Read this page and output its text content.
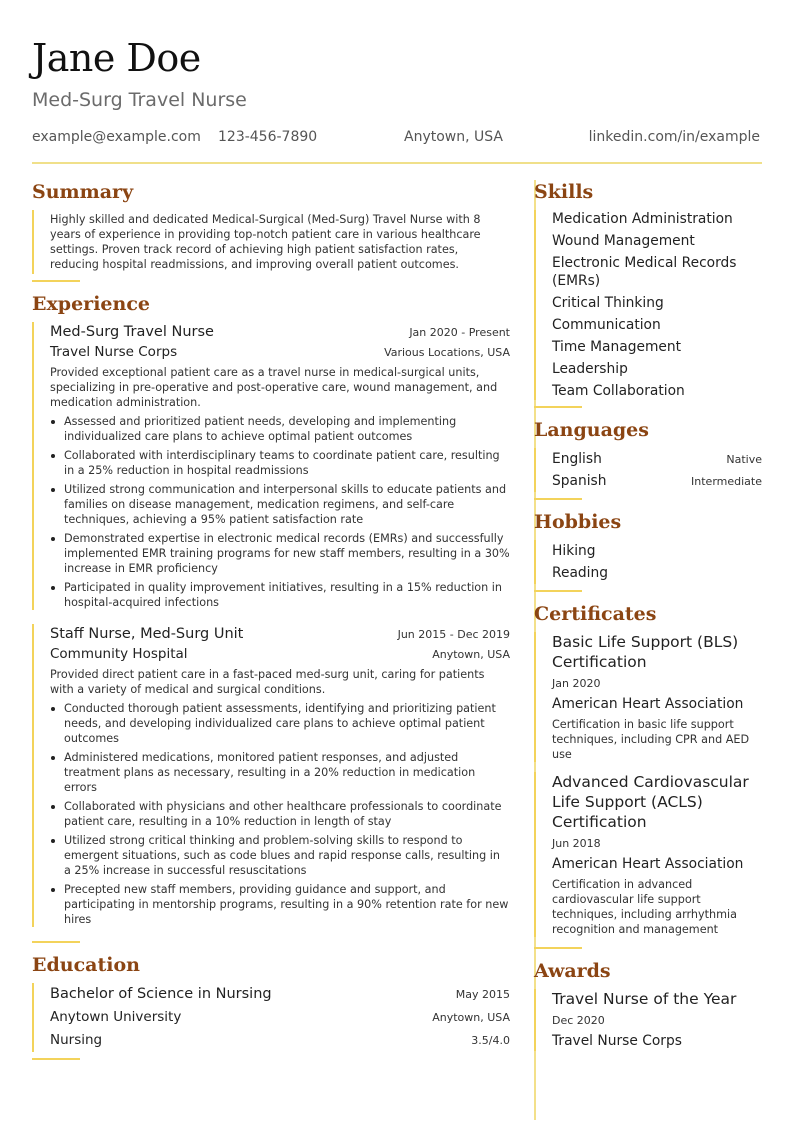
Jane Doe
Med-Surg Travel Nurse
example@example.com 123-456-7890	Anytown, USA	linkedin.com/in/example
Summary

Highly skilled and dedicated Medical-Surgical (Med-Surg) Travel Nurse with 8 years of experience in providing top-notch patient care in various healthcare settings. Proven track record of achieving high patient satisfaction rates, reducing hospital readmissions, and improving overall patient outcomes.

Experience
Med-Surg Travel Nurse	Jan 2020 - Present
Travel Nurse Corps	Various Locations, USA

Provided exceptional patient care as a travel nurse in medical-surgical units, specializing in pre-operative and post-operative care, wound management, and medication administration.

Assessed and prioritized patient needs, developing and implementing individualized care plans to achieve optimal patient outcomes
Collaborated with interdisciplinary teams to coordinate patient care, resulting in a 25% reduction in hospital readmissions
Utilized strong communication and interpersonal skills to educate patients and families on disease management, medication regimens, and self-care techniques, achieving a 95% patient satisfaction rate
Demonstrated expertise in electronic medical records (EMRs) and successfully implemented EMR training programs for new staff members, resulting in a 30% increase in EMR proficiency
Participated in quality improvement initiatives, resulting in a 15% reduction in hospital-acquired infections
Staff Nurse, Med-Surg Unit	Jun 2015 - Dec 2019
Community Hospital	Anytown, USA

Provided direct patient care in a fast-paced med-surg unit, caring for patients with a variety of medical and surgical conditions.

Conducted thorough patient assessments, identifying and prioritizing patient needs, and developing individualized care plans to achieve optimal patient outcomes
Administered medications, monitored patient responses, and adjusted treatment plans as necessary, resulting in a 20% reduction in medication errors
Collaborated with physicians and other healthcare professionals to coordinate patient care, resulting in a 10% reduction in length of stay
Utilized strong critical thinking and problem-solving skills to respond to emergent situations, such as code blues and rapid response calls, resulting in a 25% increase in successful resuscitations
Precepted new staff members, providing guidance and support, and participating in mentorship programs, resulting in a 90% retention rate for new hires
Education
Bachelor of Science in Nursing	May 2015
Anytown University	Anytown, USA
Nursing	3.5/4.0
Skills
Medication Administration
Wound Management
Electronic Medical Records (EMRs)
Critical Thinking
Communication
Time Management
Leadership
Team Collaboration
Languages
English	Native
Spanish	Intermediate
Hobbies
Hiking
Reading
Certificates
Basic Life Support (BLS) Certification
Jan 2020
American Heart Association
Certification in basic life support techniques, including CPR and AED use
Advanced Cardiovascular Life Support (ACLS) Certification
Jun 2018
American Heart Association
Certification in advanced cardiovascular life support techniques, including arrhythmia recognition and management
Awards
Travel Nurse of the Year
Dec 2020
Travel Nurse Corps
